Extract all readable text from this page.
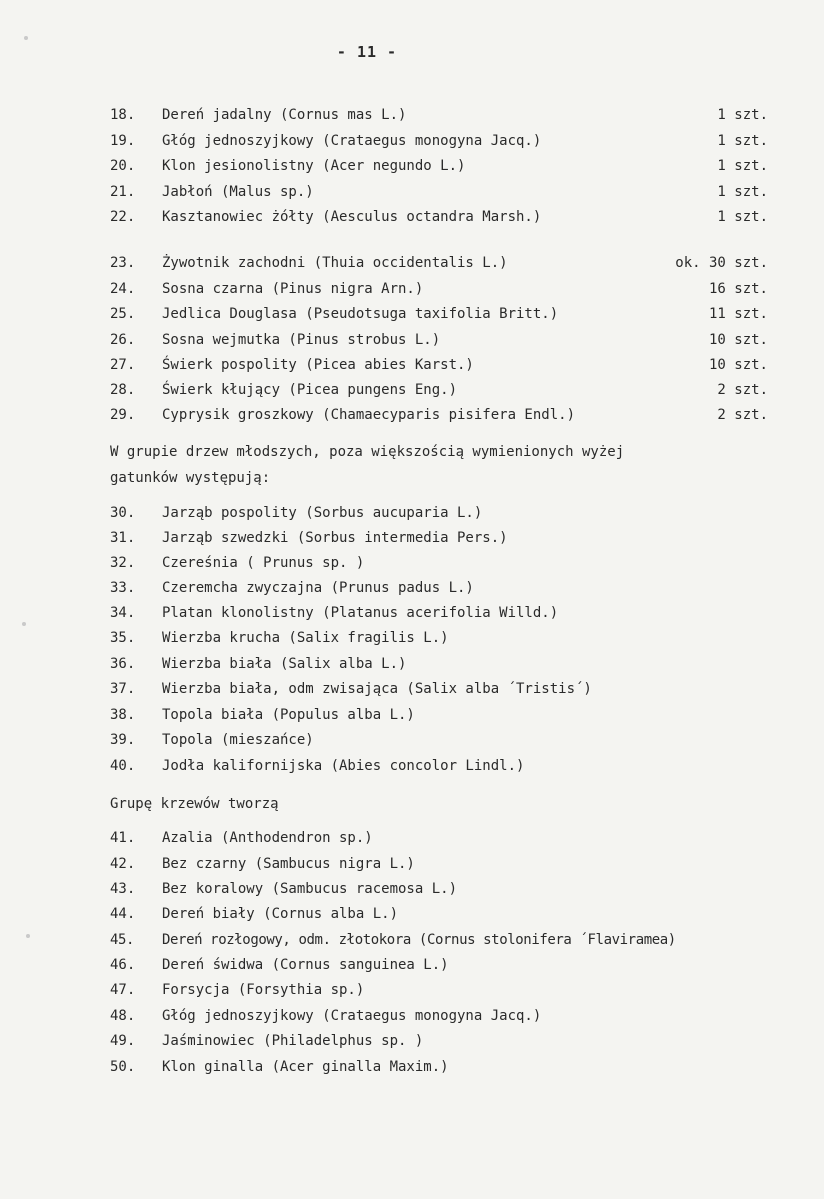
- 11 -
18. Dereń jadalny (Cornus mas L.)	1 szt.
19. Głóg jednoszyjkowy (Crataegus monogyna Jacq.)	1 szt.
20. Klon jesionolistny (Acer negundo L.)	1 szt.
21. Jabłoń (Malus sp.)	1 szt.
22. Kasztanowiec żółty (Aesculus octandra Marsh.)	1 szt.
23. Żywotnik zachodni (Thuia occidentalis L.)	ok. 30 szt.
24. Sosna czarna (Pinus nigra Arn.)	16 szt.
25. Jedlica Douglasa (Pseudotsuga taxifolia Britt.)	11 szt.
26. Sosna wejmutka (Pinus strobus L.)	10 szt.
27. Świerk pospolity (Picea abies Karst.)	10 szt.
28. Świerk kłujący (Picea pungens Eng.)	2 szt.
29. Cyprysik groszkowy (Chamaecyparis pisifera Endl.)	2 szt.
W grupie drzew młodszych, poza większością wymienionych wyżej
gatunków występują:
30. Jarząb pospolity (Sorbus aucuparia L.)
31. Jarząb szwedzki (Sorbus intermedia Pers.)
32. Czereśnia ( Prunus sp. )
33. Czeremcha zwyczajna (Prunus padus L.)
34. Platan klonolistny (Platanus acerifolia Willd.)
35. Wierzba krucha (Salix fragilis L.)
36. Wierzba biała (Salix alba L.)
37. Wierzba biała, odm zwisająca (Salix alba ´Tristis´)
38. Topola biała (Populus alba L.)
39. Topola (mieszańce)
40. Jodła kalifornijska (Abies concolor Lindl.)
Grupę krzewów tworzą
41. Azalia (Anthodendron sp.)
42. Bez czarny (Sambucus nigra L.)
43. Bez koralowy (Sambucus racemosa L.)
44. Dereń biały (Cornus alba L.)
45. Dereń rozłogowy, odm. złotokora (Cornus stolonifera ´Flaviramea)
46. Dereń świdwa (Cornus sanguinea L.)
47. Forsycja (Forsythia sp.)
48. Głóg jednoszyjkowy (Crataegus monogyna Jacq.)
49. Jaśminowiec (Philadelphus sp. )
50. Klon ginalla (Acer ginalla Maxim.)
